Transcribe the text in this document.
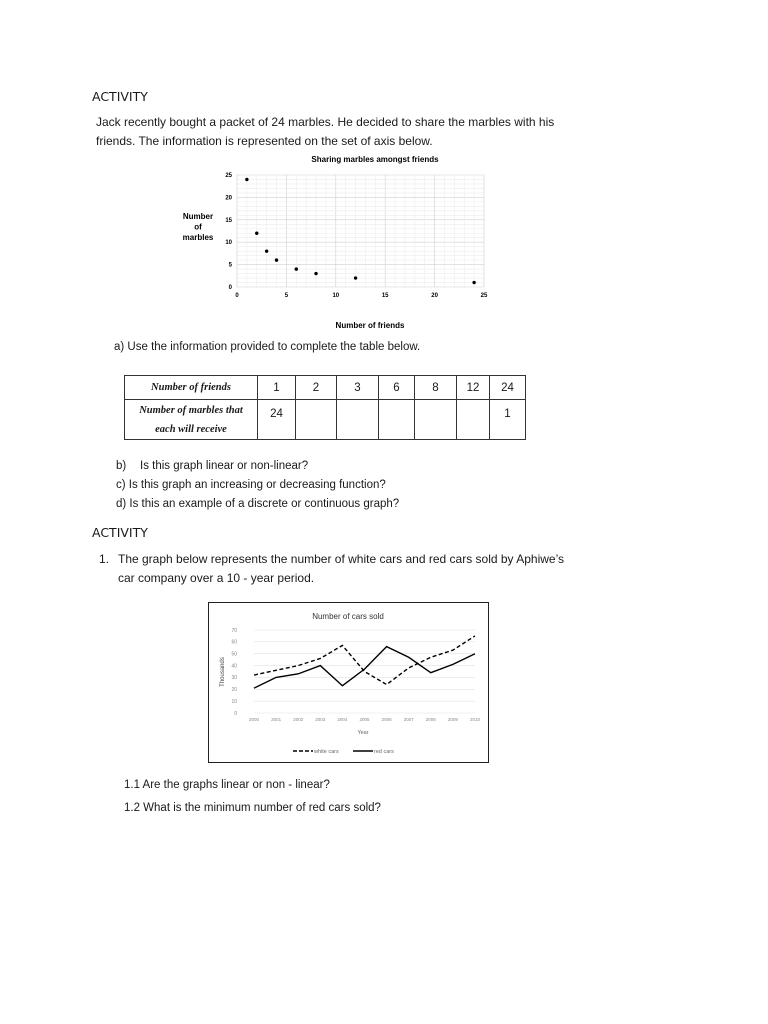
ACTIVITY
Jack recently bought a packet of 24 marbles. He decided to share the marbles with his
friends. The information is represented on the set of axis below.
0	5	10	15	20	25
0
5
10
15
20
25
Sharing marbles amongst friends
Number
of
marbles
Number of friends
a) Use the information provided to complete the table below.
Number of friends	1	2	3	6	8	12	24

Number of marbles that
each will receive	24						1
b) Is this graph linear or non-linear?
c) Is this graph an increasing or decreasing function?
d) Is this an example of a discrete or continuous graph?
ACTIVITY
1. The graph below represents the number of white cars and red cars sold by Aphiwe’s
car company over a 10 - year period.
0
10
20
30
40
50
60
70
2000	2001	2002	2003	2004	2005	2006	2007	2008	2009	2010
Number of cars sold
Thousands
Year
white cars	red cars
1.1 Are the graphs linear or non - linear?
1.2 What is the minimum number of red cars sold?
